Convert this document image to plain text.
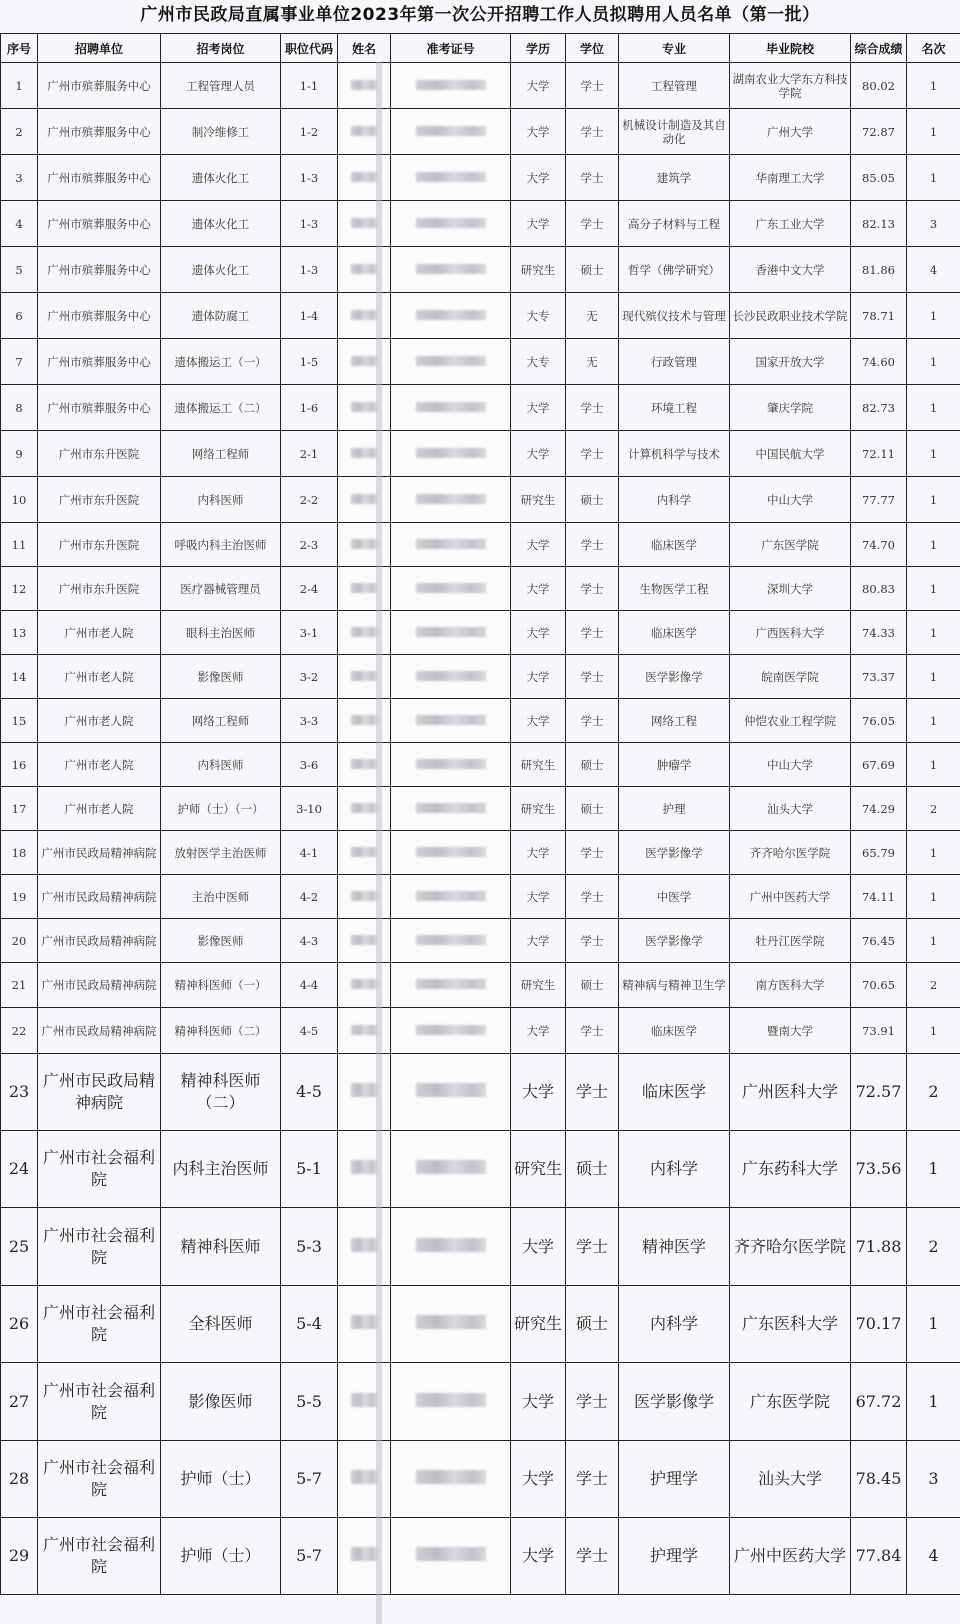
广州市民政局直属事业单位2023年第一次公开招聘工作人员拟聘用人员名单（第一批）
序号	招聘单位	招考岗位	职位代码	姓名	准考证号	学历	学位	专业	毕业院校	综合成绩	名次
1	广州市殡葬服务中心	工程管理人员	1-1			大学	学士	工程管理	湖南农业大学东方科技学院	80.02	1
2	广州市殡葬服务中心	制冷维修工	1-2			大学	学士	机械设计制造及其自动化	广州大学	72.87	1
3	广州市殡葬服务中心	遗体火化工	1-3			大学	学士	建筑学	华南理工大学	85.05	1
4	广州市殡葬服务中心	遗体火化工	1-3			大学	学士	高分子材料与工程	广东工业大学	82.13	3
5	广州市殡葬服务中心	遗体火化工	1-3			研究生	硕士	哲学（佛学研究）	香港中文大学	81.86	4
6	广州市殡葬服务中心	遗体防腐工	1-4			大专	无	现代殡仪技术与管理	长沙民政职业技术学院	78.71	1
7	广州市殡葬服务中心	遗体搬运工（一）	1-5			大专	无	行政管理	国家开放大学	74.60	1
8	广州市殡葬服务中心	遗体搬运工（二）	1-6			大学	学士	环境工程	肇庆学院	82.73	1
9	广州市东升医院	网络工程师	2-1			大学	学士	计算机科学与技术	中国民航大学	72.11	1
10	广州市东升医院	内科医师	2-2			研究生	硕士	内科学	中山大学	77.77	1
11	广州市东升医院	呼吸内科主治医师	2-3			大学	学士	临床医学	广东医学院	74.70	1
12	广州市东升医院	医疗器械管理员	2-4			大学	学士	生物医学工程	深圳大学	80.83	1
13	广州市老人院	眼科主治医师	3-1			大学	学士	临床医学	广西医科大学	74.33	1
14	广州市老人院	影像医师	3-2			大学	学士	医学影像学	皖南医学院	73.37	1
15	广州市老人院	网络工程师	3-3			大学	学士	网络工程	仲恺农业工程学院	76.05	1
16	广州市老人院	内科医师	3-6			研究生	硕士	肿瘤学	中山大学	67.69	1
17	广州市老人院	护师（士）（一）	3-10			研究生	硕士	护理	汕头大学	74.29	2
18	广州市民政局精神病院	放射医学主治医师	4-1			大学	学士	医学影像学	齐齐哈尔医学院	65.79	1
19	广州市民政局精神病院	主治中医师	4-2			大学	学士	中医学	广州中医药大学	74.11	1
20	广州市民政局精神病院	影像医师	4-3			大学	学士	医学影像学	牡丹江医学院	76.45	1
21	广州市民政局精神病院	精神科医师（一）	4-4			研究生	硕士	精神病与精神卫生学	南方医科大学	70.65	2
22	广州市民政局精神病院	精神科医师（二）	4-5			大学	学士	临床医学	暨南大学	73.91	1
23	广州市民政局精神病院	精神科医师（二）	4-5			大学	学士	临床医学	广州医科大学	72.57	2
24	广州市社会福利院	内科主治医师	5-1			研究生	硕士	内科学	广东药科大学	73.56	1
25	广州市社会福利院	精神科医师	5-3			大学	学士	精神医学	齐齐哈尔医学院	71.88	2
26	广州市社会福利院	全科医师	5-4			研究生	硕士	内科学	广东医科大学	70.17	1
27	广州市社会福利院	影像医师	5-5			大学	学士	医学影像学	广东医学院	67.72	1
28	广州市社会福利院	护师（士）	5-7			大学	学士	护理学	汕头大学	78.45	3
29	广州市社会福利院	护师（士）	5-7			大学	学士	护理学	广州中医药大学	77.84	4
